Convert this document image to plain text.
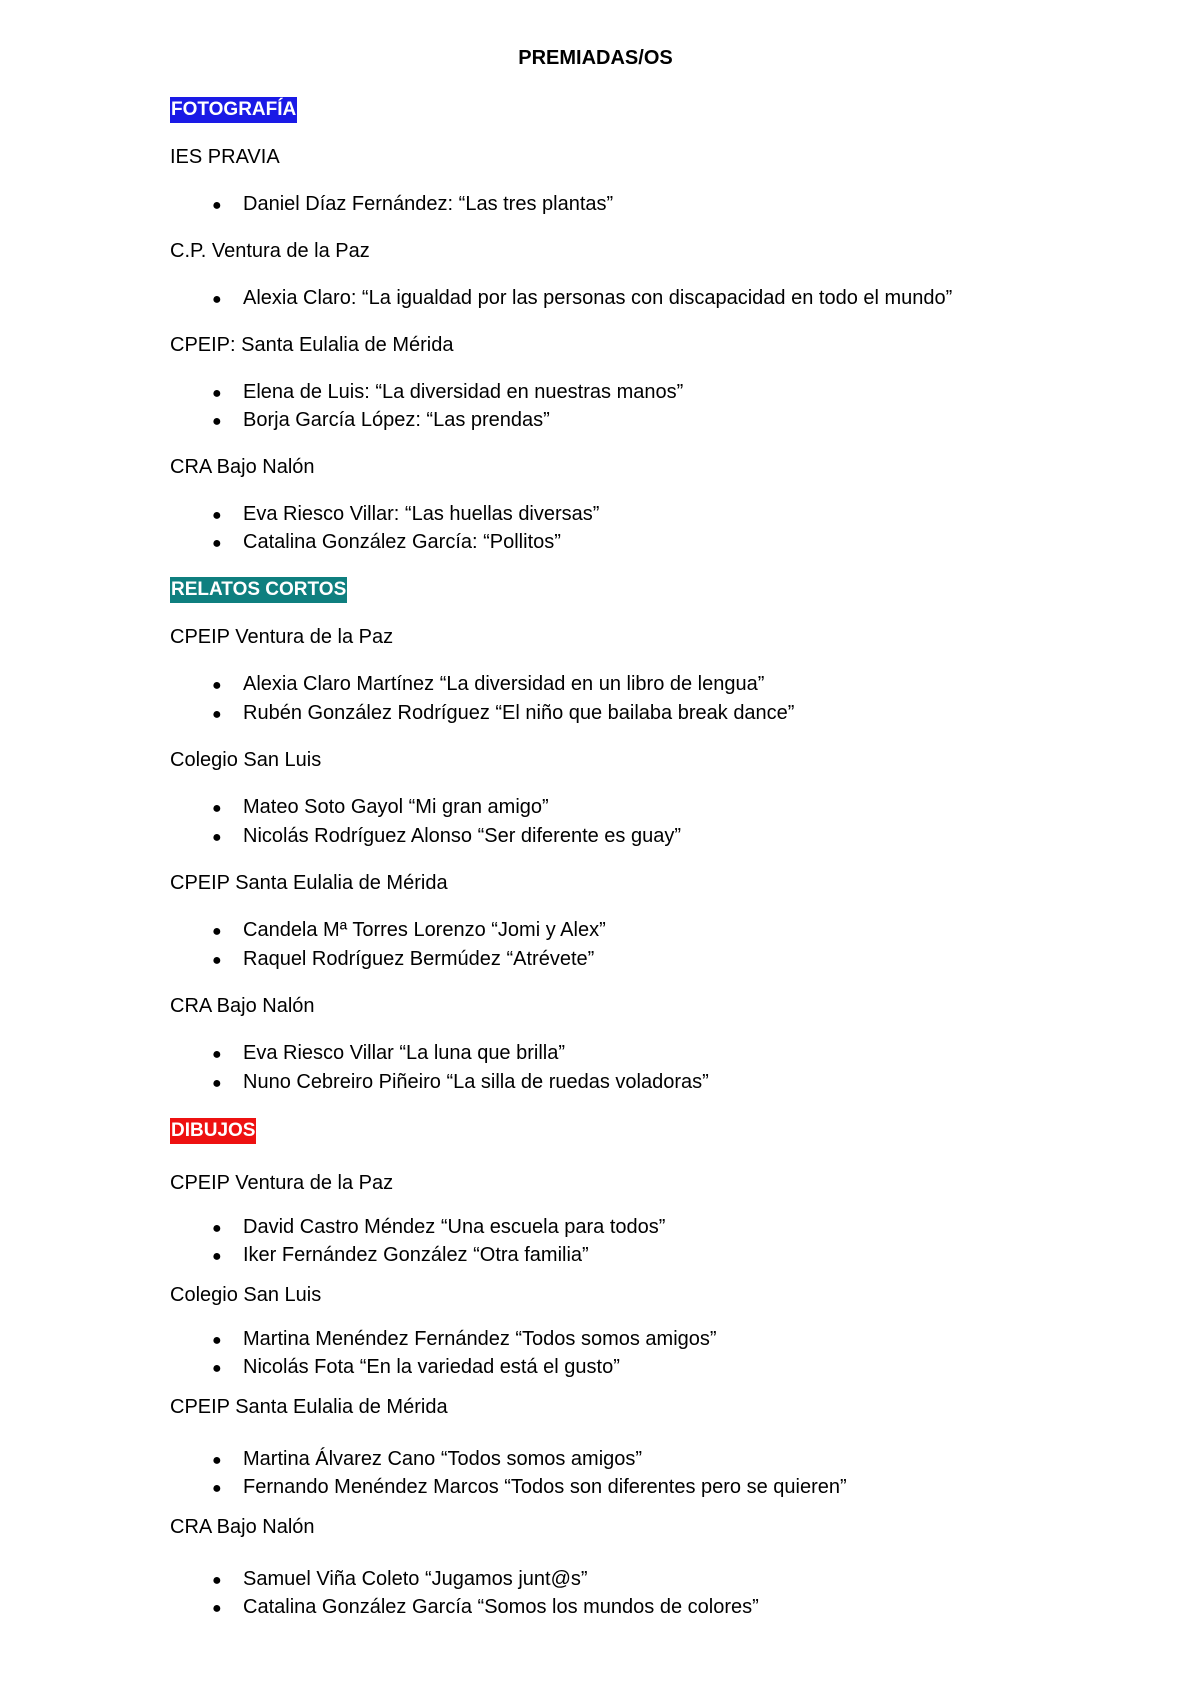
PREMIADAS/OS
FOTOGRAFÍA
IES PRAVIA
● Daniel Díaz Fernández: “Las tres plantas”
C.P. Ventura de la Paz
● Alexia Claro: “La igualdad por las personas con discapacidad en todo el mundo”
CPEIP: Santa Eulalia de Mérida
● Elena de Luis: “La diversidad en nuestras manos”
● Borja García López: “Las prendas”
CRA Bajo Nalón
● Eva Riesco Villar: “Las huellas diversas”
● Catalina González García: “Pollitos”
RELATOS CORTOS
CPEIP Ventura de la Paz
● Alexia Claro Martínez “La diversidad en un libro de lengua”
● Rubén González Rodríguez “El niño que bailaba break dance”
Colegio San Luis
● Mateo Soto Gayol “Mi gran amigo”
● Nicolás Rodríguez Alonso “Ser diferente es guay”
CPEIP Santa Eulalia de Mérida
● Candela Mª Torres Lorenzo “Jomi y Alex”
● Raquel Rodríguez Bermúdez “Atrévete”
CRA Bajo Nalón
● Eva Riesco Villar “La luna que brilla”
● Nuno Cebreiro Piñeiro “La silla de ruedas voladoras”
DIBUJOS
CPEIP Ventura de la Paz
● David Castro Méndez “Una escuela para todos”
● Iker Fernández González “Otra familia”
Colegio San Luis
● Martina Menéndez Fernández “Todos somos amigos”
● Nicolás Fota “En la variedad está el gusto”
CPEIP Santa Eulalia de Mérida
● Martina Álvarez Cano “Todos somos amigos”
● Fernando Menéndez Marcos “Todos son diferentes pero se quieren”
CRA Bajo Nalón
● Samuel Viña Coleto “Jugamos junt@s”
● Catalina González García “Somos los mundos de colores”
